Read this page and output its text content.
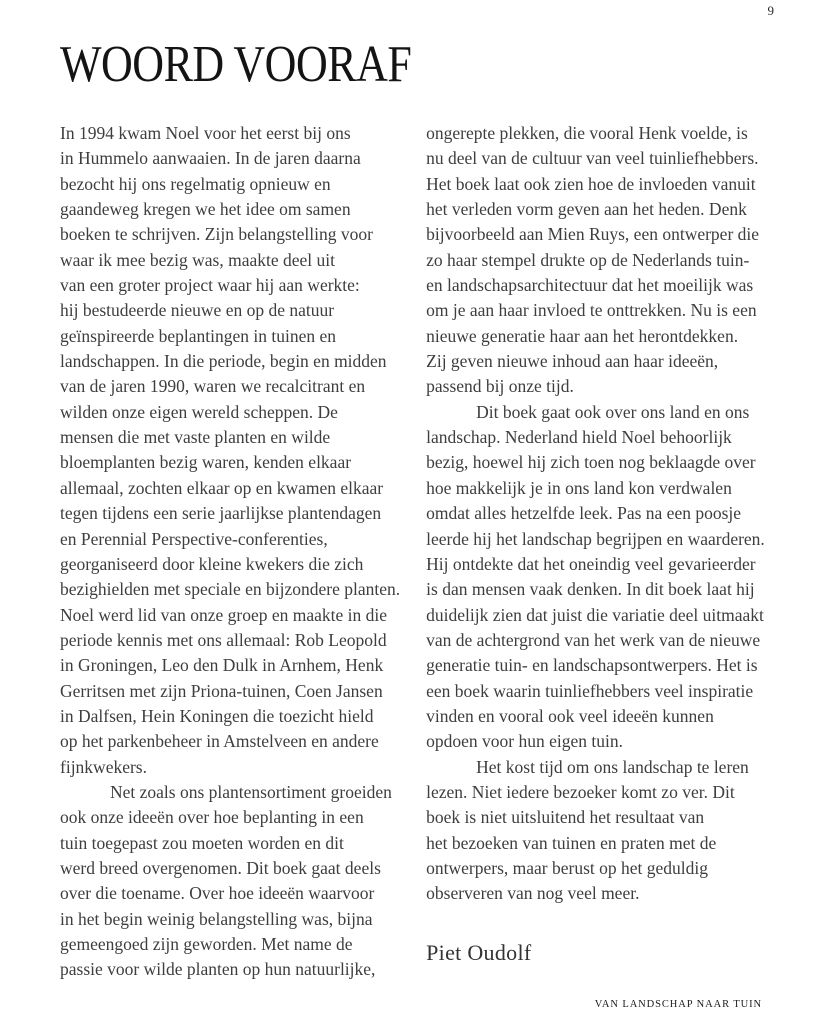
9
WOORD VOORAF
In 1994 kwam Noel voor het eerst bij ons
in Hummelo aanwaaien. In de jaren daarna
bezocht hij ons regelmatig opnieuw en
gaandeweg kregen we het idee om samen
boeken te schrijven. Zijn belangstelling voor
waar ik mee bezig was, maakte deel uit
van een groter project waar hij aan werkte:
hij bestudeerde nieuwe en op de natuur
geïnspireerde beplantingen in tuinen en
landschappen. In die periode, begin en midden
van de jaren 1990, waren we recalcitrant en
wilden onze eigen wereld scheppen. De
mensen die met vaste planten en wilde
bloemplanten bezig waren, kenden elkaar
allemaal, zochten elkaar op en kwamen elkaar
tegen tijdens een serie jaarlijkse plantendagen
en Perennial Perspective-conferenties,
georganiseerd door kleine kwekers die zich
bezighielden met speciale en bijzondere planten.
Noel werd lid van onze groep en maakte in die
periode kennis met ons allemaal: Rob Leopold
in Groningen, Leo den Dulk in Arnhem, Henk
Gerritsen met zijn Priona-tuinen, Coen Jansen
in Dalfsen, Hein Koningen die toezicht hield
op het parkenbeheer in Amstelveen en andere
fijnkwekers.
Net zoals ons plantensortiment groeiden
ook onze ideeën over hoe beplanting in een
tuin toegepast zou moeten worden en dit
werd breed overgenomen. Dit boek gaat deels
over die toename. Over hoe ideeën waarvoor
in het begin weinig belangstelling was, bijna
gemeengoed zijn geworden. Met name de
passie voor wilde planten op hun natuurlijke,
ongerepte plekken, die vooral Henk voelde, is
nu deel van de cultuur van veel tuinliefhebbers.
Het boek laat ook zien hoe de invloeden vanuit
het verleden vorm geven aan het heden. Denk
bijvoorbeeld aan Mien Ruys, een ontwerper die
zo haar stempel drukte op de Nederlands tuin-
en landschapsarchitectuur dat het moeilijk was
om je aan haar invloed te onttrekken. Nu is een
nieuwe generatie haar aan het herontdekken.
Zij geven nieuwe inhoud aan haar ideeën,
passend bij onze tijd.
Dit boek gaat ook over ons land en ons
landschap. Nederland hield Noel behoorlijk
bezig, hoewel hij zich toen nog beklaagde over
hoe makkelijk je in ons land kon verdwalen
omdat alles hetzelfde leek. Pas na een poosje
leerde hij het landschap begrijpen en waarderen.
Hij ontdekte dat het oneindig veel gevarieerder
is dan mensen vaak denken. In dit boek laat hij
duidelijk zien dat juist die variatie deel uitmaakt
van de achtergrond van het werk van de nieuwe
generatie tuin- en landschapsontwerpers. Het is
een boek waarin tuinliefhebbers veel inspiratie
vinden en vooral ook veel ideeën kunnen
opdoen voor hun eigen tuin.
Het kost tijd om ons landschap te leren
lezen. Niet iedere bezoeker komt zo ver. Dit
boek is niet uitsluitend het resultaat van
het bezoeken van tuinen en praten met de
ontwerpers, maar berust op het geduldig
observeren van nog veel meer.
Piet Oudolf
VAN LANDSCHAP NAAR TUIN
